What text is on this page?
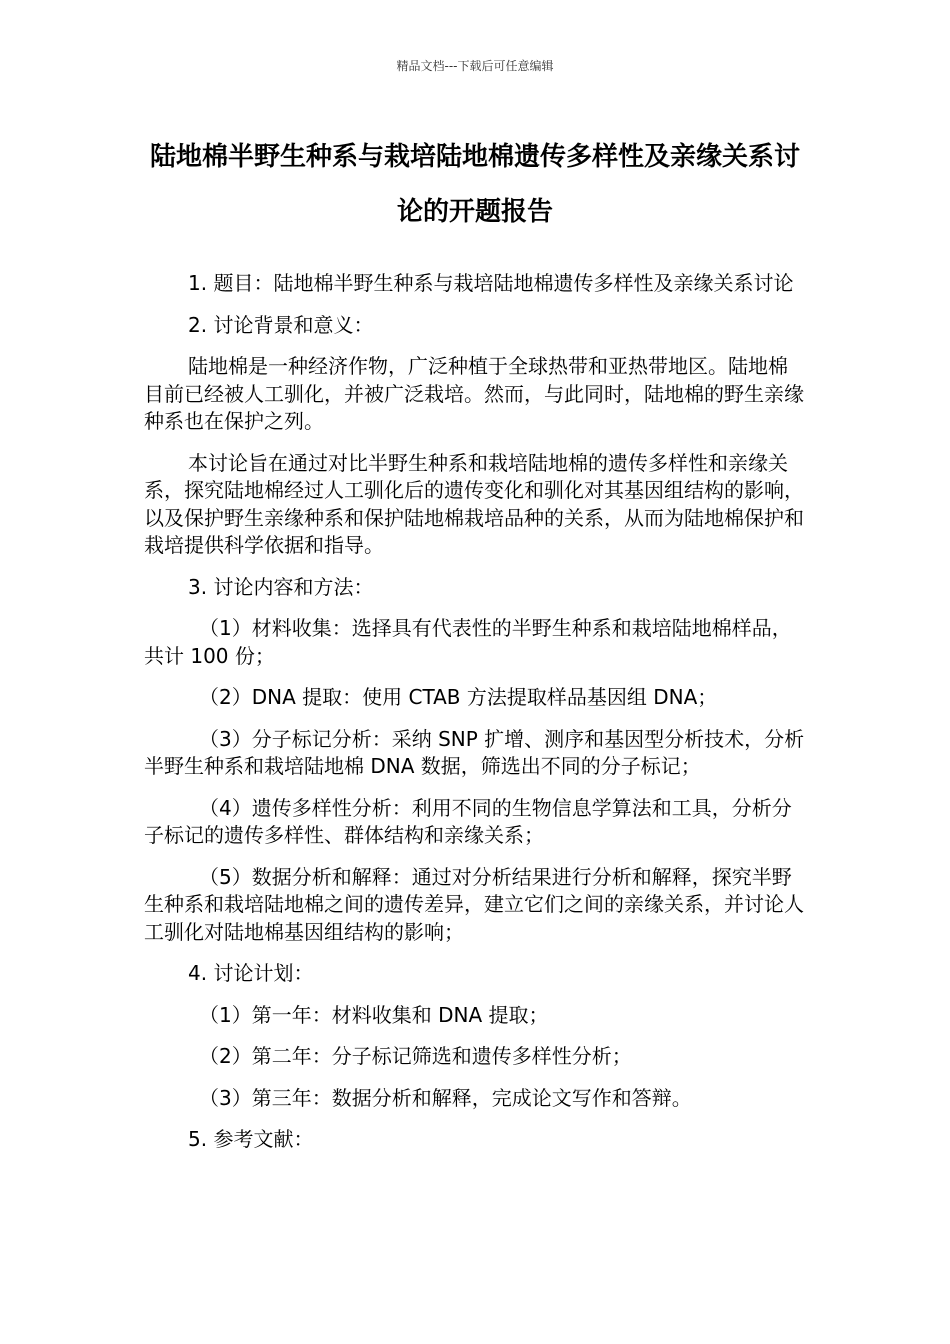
精品文档---下载后可任意编辑
陆地棉半野生种系与栽培陆地棉遗传多样性及亲缘关系讨论的开题报告

1. 题目：陆地棉半野生种系与栽培陆地棉遗传多样性及亲缘关系讨论

2. 讨论背景和意义：

陆地棉是一种经济作物，广泛种植于全球热带和亚热带地区。陆地棉目前已经被人工驯化，并被广泛栽培。然而，与此同时，陆地棉的野生亲缘种系也在保护之列。

本讨论旨在通过对比半野生种系和栽培陆地棉的遗传多样性和亲缘关系，探究陆地棉经过人工驯化后的遗传变化和驯化对其基因组结构的影响，以及保护野生亲缘种系和保护陆地棉栽培品种的关系，从而为陆地棉保护和栽培提供科学依据和指导。

3. 讨论内容和方法：

（1）材料收集：选择具有代表性的半野生种系和栽培陆地棉样品，共计 100 份；

（2）DNA 提取：使用 CTAB 方法提取样品基因组 DNA；

（3）分子标记分析：采纳 SNP 扩增、测序和基因型分析技术，分析半野生种系和栽培陆地棉 DNA 数据，筛选出不同的分子标记；

（4）遗传多样性分析：利用不同的生物信息学算法和工具，分析分子标记的遗传多样性、群体结构和亲缘关系；

（5）数据分析和解释：通过对分析结果进行分析和解释，探究半野生种系和栽培陆地棉之间的遗传差异，建立它们之间的亲缘关系，并讨论人工驯化对陆地棉基因组结构的影响；

4. 讨论计划：

（1）第一年：材料收集和 DNA 提取；

（2）第二年：分子标记筛选和遗传多样性分析；

（3）第三年：数据分析和解释，完成论文写作和答辩。

5. 参考文献：
